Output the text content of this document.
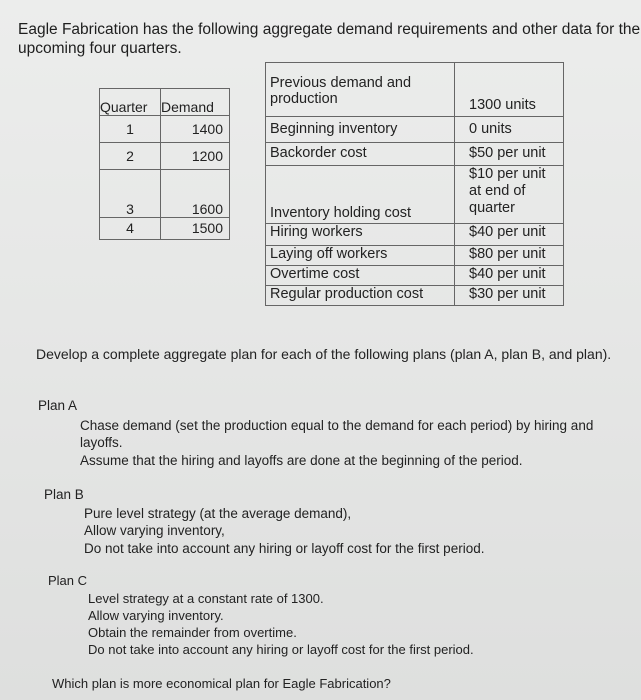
Eagle Fabrication has the following aggregate demand requirements and other data for the upcoming four quarters.

Quarter	Demand
1	1400
2	1200
3	1600
4	1500
Previous demand and production	1300 units
Beginning inventory	0 units
Backorder cost	$50 per unit
Inventory holding cost	$10 per unit at end of quarter
Hiring workers	$40 per unit
Laying off workers	$80 per unit
Overtime cost	$40 per unit
Regular production cost	$30 per unit
Develop a complete aggregate plan for each of the following plans (plan A, plan B, and plan).
Plan A
Chase demand (set the production equal to the demand for each period) by hiring and layoffs.
Assume that the hiring and layoffs are done at the beginning of the period.
Plan B
Pure level strategy (at the average demand),
Allow varying inventory,
Do not take into account any hiring or layoff cost for the first period.
Plan C
Level strategy at a constant rate of 1300.
Allow varying inventory.
Obtain the remainder from overtime.
Do not take into account any hiring or layoff cost for the first period.
Which plan is more economical plan for Eagle Fabrication?
